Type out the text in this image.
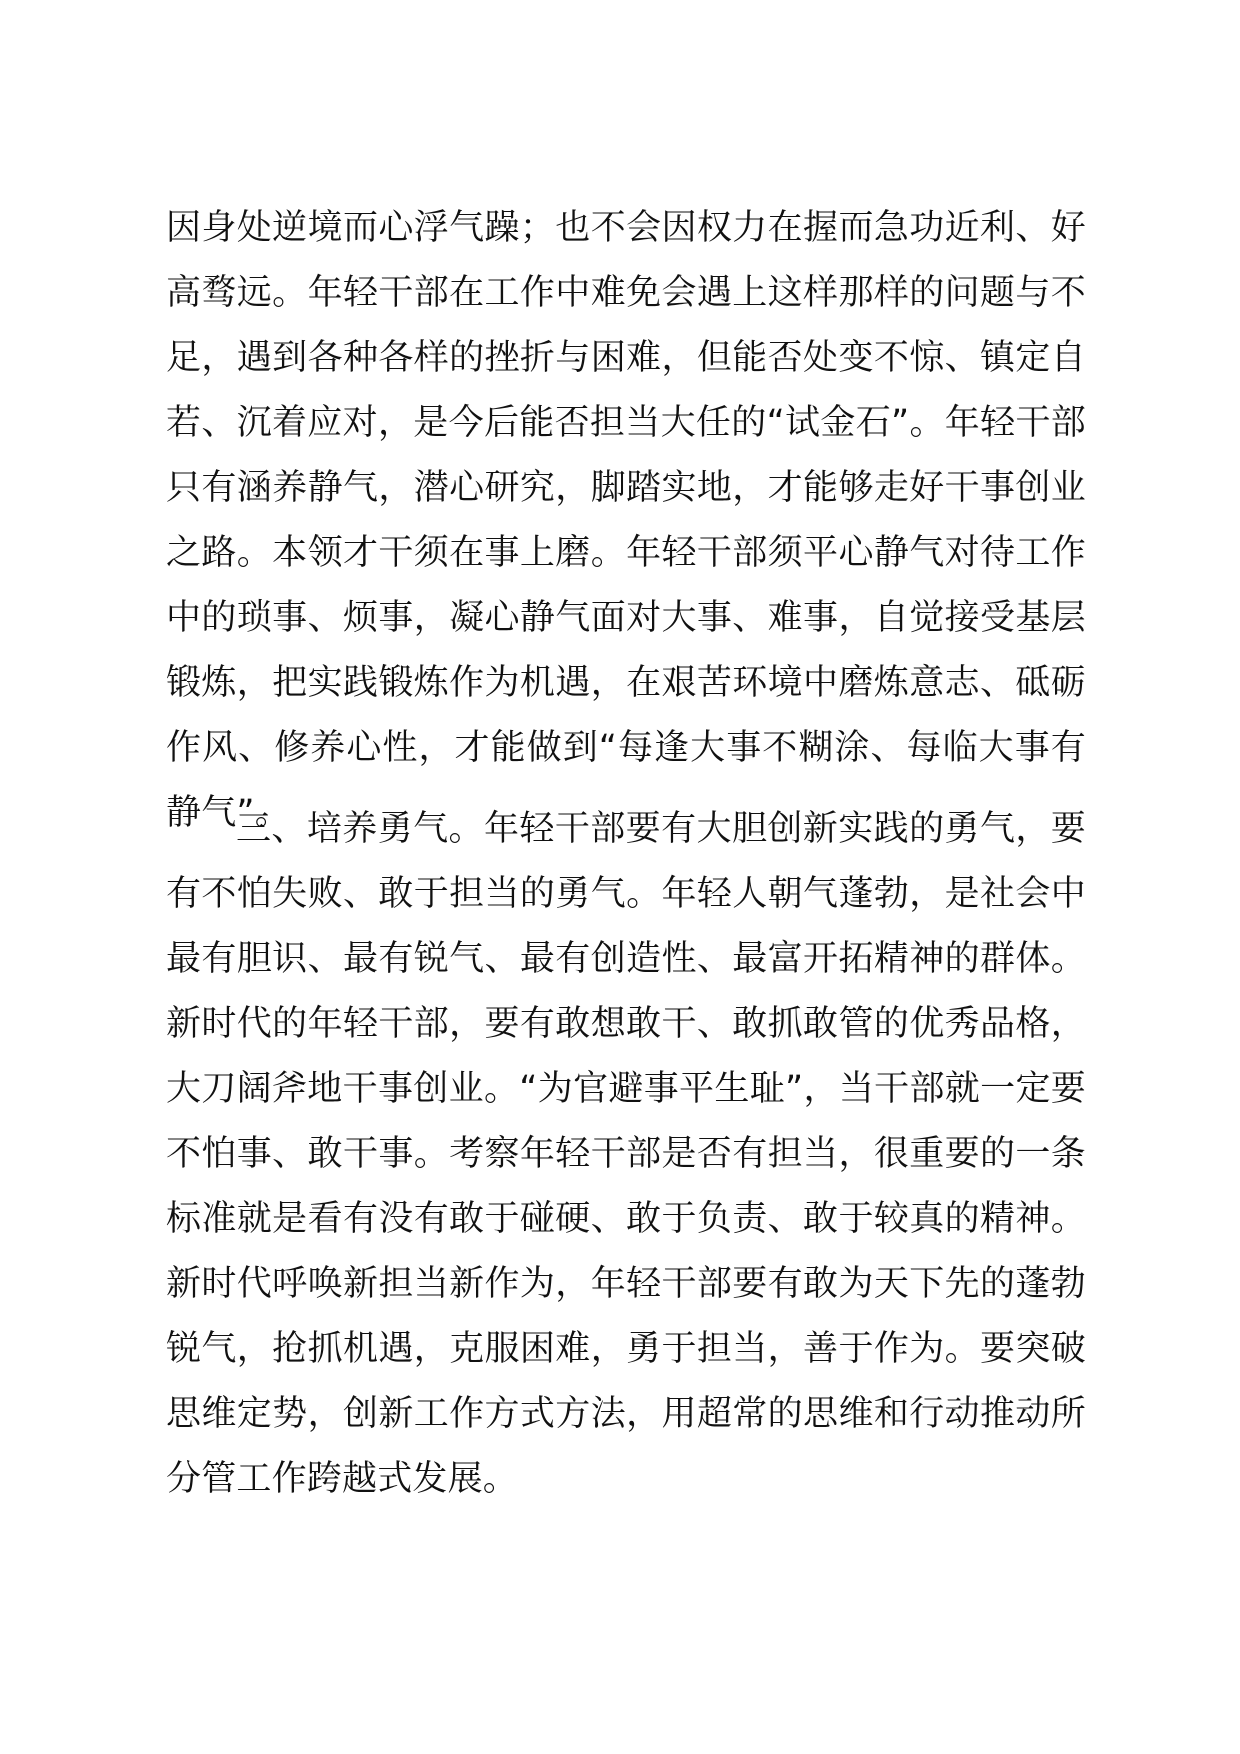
因身处逆境而心浮气躁；也不会因权力在握而急功近利、好高骛远。年轻干部在工作中难免会遇上这样那样的问题与不足，遇到各种各样的挫折与困难，但能否处变不惊、镇定自若、沉着应对，是今后能否担当大任的“试金石”。年轻干部只有涵养静气，潜心研究，脚踏实地，才能够走好干事创业之路。本领才干须在事上磨。年轻干部须平心静气对待工作中的琐事、烦事，凝心静气面对大事、难事，自觉接受基层锻炼，把实践锻炼作为机遇，在艰苦环境中磨炼意志、砥砺作风、修养心性，才能做到“每逢大事不糊涂、每临大事有静气”。

三、培养勇气。年轻干部要有大胆创新实践的勇气，要有不怕失败、敢于担当的勇气。年轻人朝气蓬勃，是社会中最有胆识、最有锐气、最有创造性、最富开拓精神的群体。新时代的年轻干部，要有敢想敢干、敢抓敢管的优秀品格，大刀阔斧地干事创业。“为官避事平生耻”，当干部就一定要不怕事、敢干事。考察年轻干部是否有担当，很重要的一条标准就是看有没有敢于碰硬、敢于负责、敢于较真的精神。新时代呼唤新担当新作为，年轻干部要有敢为天下先的蓬勃锐气，抢抓机遇，克服困难，勇于担当，善于作为。要突破思维定势，创新工作方式方法，用超常的思维和行动推动所分管工作跨越式发展。
